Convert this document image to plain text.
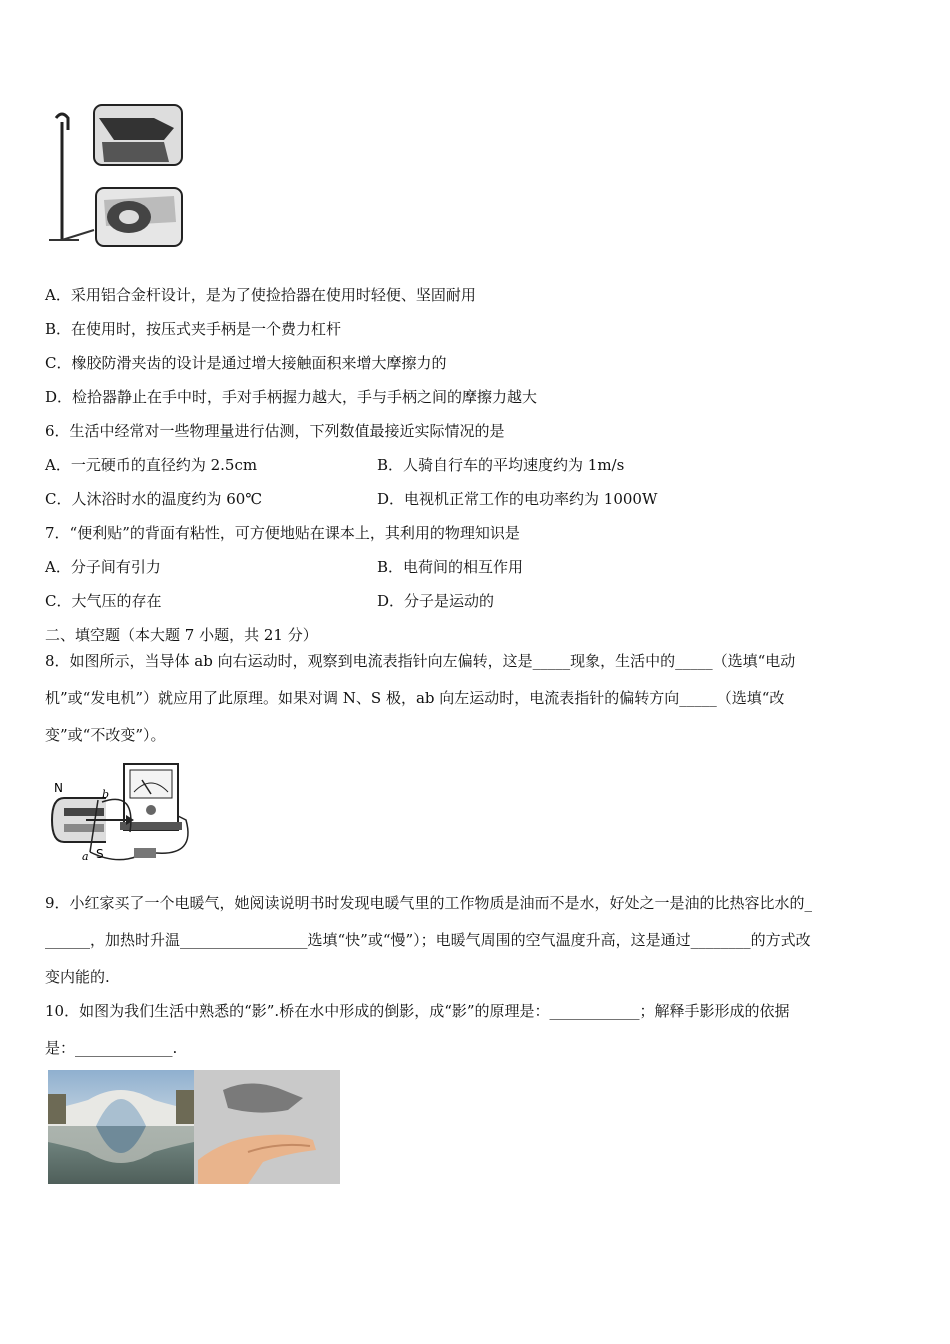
A．采用铝合金杆设计，是为了使捡拾器在使用时轻便、坚固耐用
B．在使用时，按压式夹手柄是一个费力杠杆
C．橡胶防滑夹齿的设计是通过增大接触面积来增大摩擦力的
D．检拾器静止在手中时，手对手柄握力越大，手与手柄之间的摩擦力越大
6．生活中经常对一些物理量进行估测，下列数值最接近实际情况的是
A．一元硬币的直径约为 2.5cm	B．人骑自行车的平均速度约为 1m/s
C．人沐浴时水的温度约为 60℃	D．电视机正常工作的电功率约为 1000W
7．“便利贴”的背面有粘性，可方便地贴在课本上，其利用的物理知识是
A．分子间有引力	B．电荷间的相互作用
C．大气压的存在	D．分子是运动的
二、填空题（本大题 7 小题，共 21 分）
8．如图所示，当导体 ab 向右运动时，观察到电流表指针向左偏转，这是_____现象，生活中的_____（选填“电动
机”或“发电机”）就应用了此原理。如果对调 N、S 极，ab 向左运动时，电流表指针的偏转方向_____（选填“改
变”或“不改变”）。
N
S
b
a
9．小红家买了一个电暖气，她阅读说明书时发现电暖气里的工作物质是油而不是水，好处之一是油的比热容比水的_
______，加热时升温_________________选填“快”或“慢”）；电暖气周围的空气温度升高，这是通过________的方式改
变内能的.
10．如图为我们生活中熟悉的“影”.桥在水中形成的倒影，成“影”的原理是：____________；解释手影形成的依据
是：_____________.
